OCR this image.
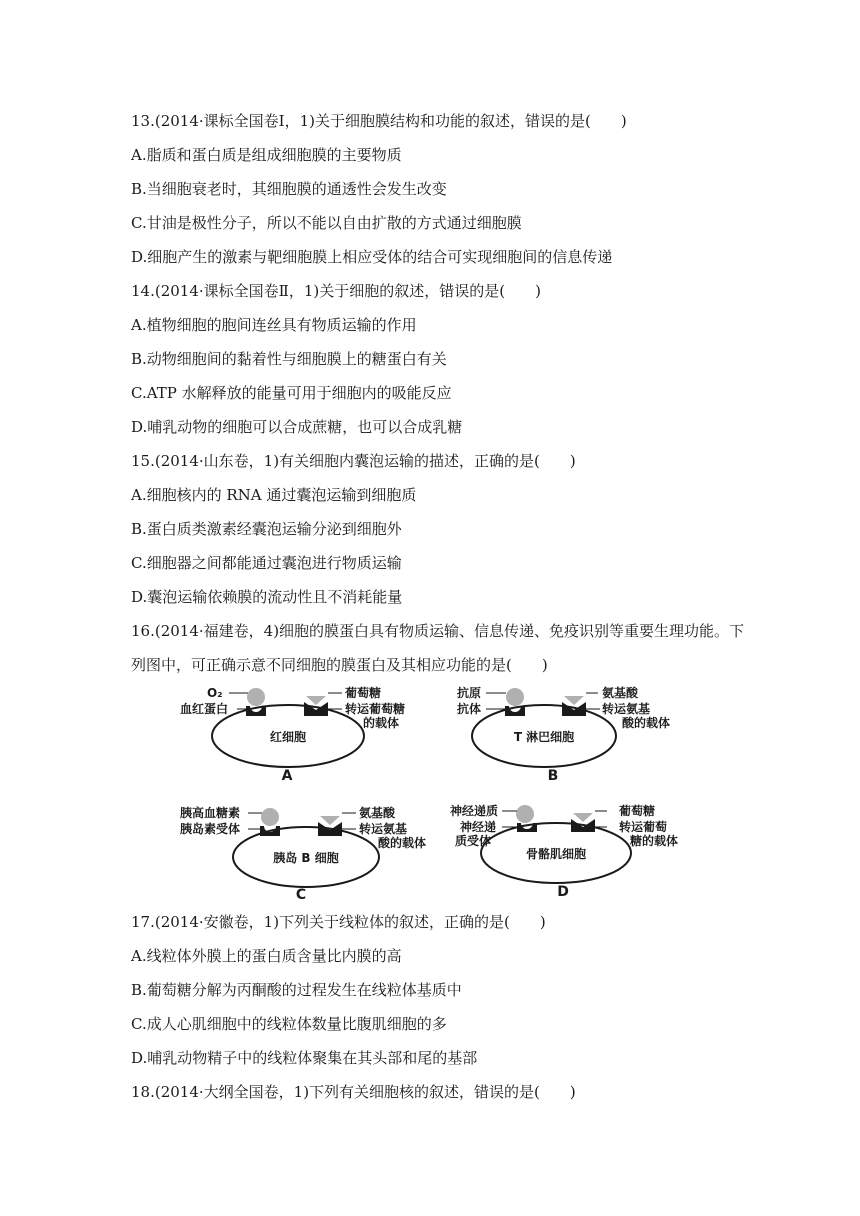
13.(2014·课标全国卷Ⅰ，1)关于细胞膜结构和功能的叙述，错误的是(　　)
A.脂质和蛋白质是组成细胞膜的主要物质
B.当细胞衰老时，其细胞膜的通透性会发生改变
C.甘油是极性分子，所以不能以自由扩散的方式通过细胞膜
D.细胞产生的激素与靶细胞膜上相应受体的结合可实现细胞间的信息传递
14.(2014·课标全国卷Ⅱ，1)关于细胞的叙述，错误的是(　　)
A.植物细胞的胞间连丝具有物质运输的作用
B.动物细胞间的黏着性与细胞膜上的糖蛋白有关
C.ATP 水解释放的能量可用于细胞内的吸能反应
D.哺乳动物的细胞可以合成蔗糖，也可以合成乳糖
15.(2014·山东卷，1)有关细胞内囊泡运输的描述，正确的是(　　)
A.细胞核内的 RNA 通过囊泡运输到细胞质
B.蛋白质类激素经囊泡运输分泌到细胞外
C.细胞器之间都能通过囊泡进行物质运输
D.囊泡运输依赖膜的流动性且不消耗能量
16.(2014·福建卷，4)细胞的膜蛋白具有物质运输、信息传递、免疫识别等重要生理功能。下
列图中，可正确示意不同细胞的膜蛋白及其相应功能的是(　　)
红细胞
O₂
血红蛋白
葡萄糖
转运葡萄糖
的载体
A
T 淋巴细胞
抗原
抗体
氨基酸
转运氨基
酸的载体
B
胰岛 B 细胞
胰高血糖素
胰岛素受体
氨基酸
转运氨基
酸的载体
C
骨骼肌细胞
神经递质
神经递
质受体
葡萄糖
转运葡萄
糖的载体
D
17.(2014·安徽卷，1)下列关于线粒体的叙述，正确的是(　　)
A.线粒体外膜上的蛋白质含量比内膜的高
B.葡萄糖分解为丙酮酸的过程发生在线粒体基质中
C.成人心肌细胞中的线粒体数量比腹肌细胞的多
D.哺乳动物精子中的线粒体聚集在其头部和尾的基部
18.(2014·大纲全国卷，1)下列有关细胞核的叙述，错误的是(　　)
